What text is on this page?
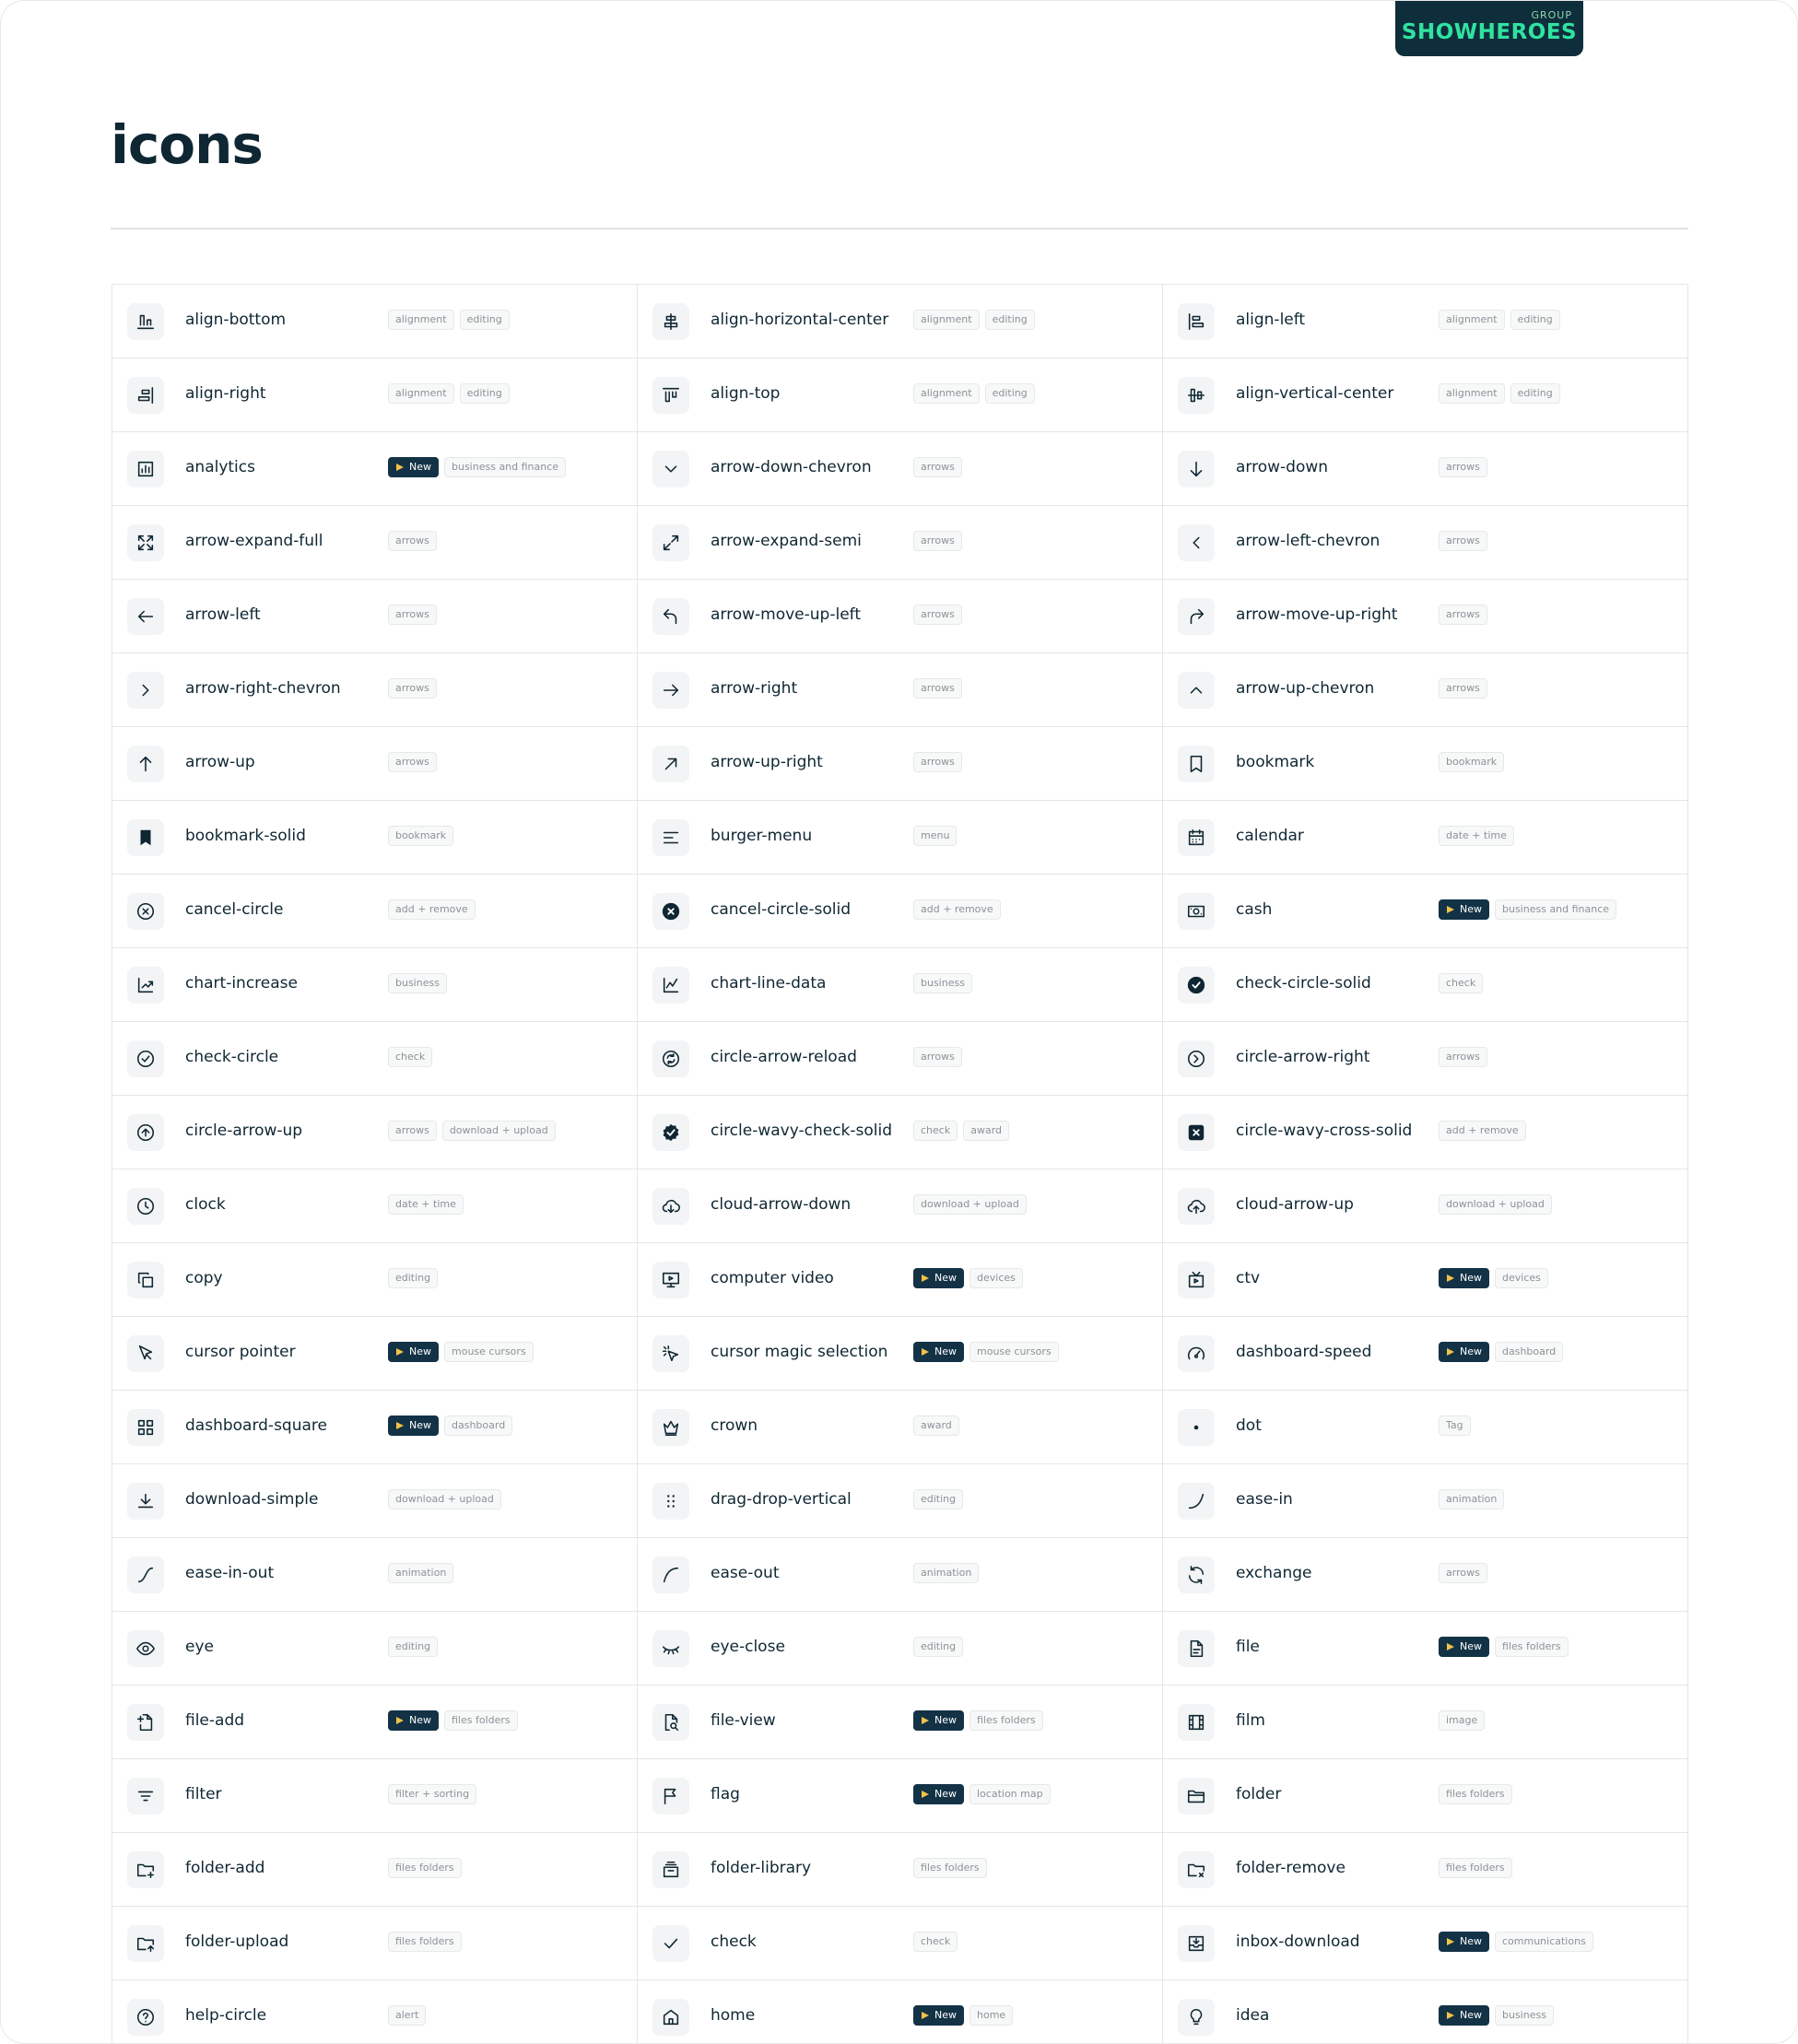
GROUP
SHOWHEROES
icons
align-bottom	alignment	editing	align-horizontal-center	alignment	editing	align-left	alignment	editing
align-right	alignment	editing	align-top	alignment	editing	align-vertical-center	alignment	editing
analytics	New	business and finance	arrow-down-chevron	arrows	arrow-down	arrows
arrow-expand-full	arrows	arrow-expand-semi	arrows	arrow-left-chevron	arrows
arrow-left	arrows	arrow-move-up-left	arrows	arrow-move-up-right	arrows
arrow-right-chevron	arrows	arrow-right	arrows	arrow-up-chevron	arrows
arrow-up	arrows	arrow-up-right	arrows	bookmark	bookmark
bookmark-solid	bookmark	burger-menu	menu	calendar	date + time
cancel-circle	add + remove	cancel-circle-solid	add + remove	cash	New	business and finance
chart-increase	business	chart-line-data	business	check-circle-solid	check
check-circle	check	circle-arrow-reload	arrows	circle-arrow-right	arrows
circle-arrow-up	arrows	download + upload	circle-wavy-check-solid	check	award	circle-wavy-cross-solid	add + remove
clock	date + time	cloud-arrow-down	download + upload	cloud-arrow-up	download + upload
copy	editing	computer video	New	devices	ctv	New	devices
cursor pointer	New	mouse cursors	cursor magic selection	New	mouse cursors	dashboard-speed	New	dashboard
dashboard-square	New	dashboard	crown	award	dot	Tag
download-simple	download + upload	drag-drop-vertical	editing	ease-in	animation
ease-in-out	animation	ease-out	animation	exchange	arrows
eye	editing	eye-close	editing	file	New	files folders
file-add	New	files folders	file-view	New	files folders	film	image
filter	filter + sorting	flag	New	location map	folder	files folders
folder-add	files folders	folder-library	files folders	folder-remove	files folders
folder-upload	files folders	check	check	inbox-download	New	communications
help-circle	alert	home	New	home	idea	New	business
